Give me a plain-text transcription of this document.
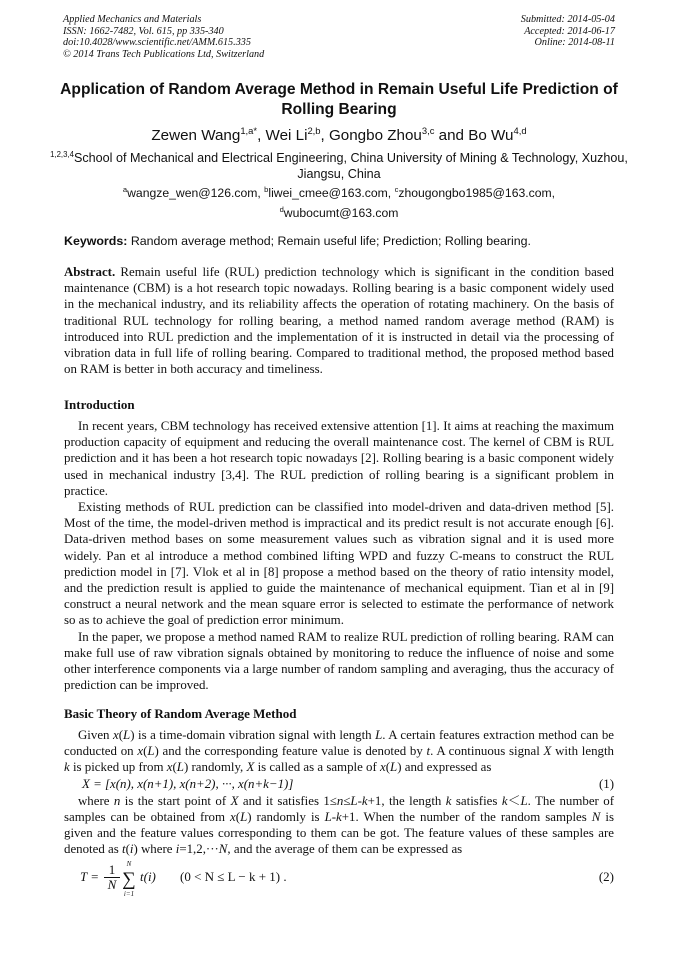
Applied Mechanics and Materials
ISSN: 1662-7482, Vol. 615, pp 335-340
doi:10.4028/www.scientific.net/AMM.615.335
© 2014 Trans Tech Publications Ltd, Switzerland
Submitted: 2014-05-04
Accepted: 2014-06-17
Online: 2014-08-11
Application of Random Average Method in Remain Useful Life Prediction of Rolling Bearing
Zewen Wang$^{1,a*}$, Wei Li$^{2,b}$, Gongbo Zhou$^{3,c}$ and Bo Wu$^{4,d}$
$^{1,2,3,4}$School of Mechanical and Electrical Engineering, China University of Mining & Technology, Xuzhou, Jiangsu, China
$^a$wangze_wen@126.com, $^b$liwei_cmee@163.com, $^c$zhougongbo1985@163.com,
$^d$wubocumt@163.com
Keywords: Random average method; Remain useful life; Prediction; Rolling bearing.

Abstract. Remain useful life (RUL) prediction technology which is significant in the condition based maintenance (CBM) is a hot research topic nowadays. Rolling bearing is a basic component widely used in the mechanical industry, and its reliability affects the operation of rotating machinery. On the basis of traditional RUL technology for rolling bearing, a method named random average method (RAM) is introduced into RUL prediction and the implementation of it is instructed in detail via the processing of vibration data in full life of rolling bearing. Compared to traditional method, the proposed method based on RAM is better in both accuracy and timeliness.

Introduction

In recent years, CBM technology has received extensive attention [1]. It aims at reaching the maximum production capacity of equipment and reducing the overall maintenance cost. The kernel of CBM is RUL prediction and it has been a hot research topic nowadays [2]. Rolling bearing is a basic component widely used in mechanical industry [3,4]. The RUL prediction of rolling bearing is a significant problem in practice.

Existing methods of RUL prediction can be classified into model-driven and data-driven method [5]. Most of the time, the model-driven method is impractical and its predict result is not accurate enough [6]. Data-driven method bases on some measurement values such as vibration signal and it is used more widely. Pan et al introduce a method combined lifting WPD and fuzzy C-means to construct the RUL prediction model in [7]. Vlok et al in [8] propose a method based on the theory of ratio intensity model, and the prediction result is applied to guide the maintenance of mechanical equipment. Tian et al in [9] construct a neural network and the mean square error is selected to estimate the performance of network so as to achieve the goal of prediction error minimum.

In the paper, we propose a method named RAM to realize RUL prediction of rolling bearing. RAM can make full use of raw vibration signals obtained by monitoring to reduce the influence of noise and some other interference components via a large number of random sampling and averaging, thus the accuracy of prediction can be improved.

Basic Theory of Random Average Method

Given x(L) is a time-domain vibration signal with length L. A certain features extraction method can be conducted on x(L) and the corresponding feature value is denoted by t. A continuous signal X with length k is picked up from x(L) randomly, X is called as a sample of x(L) and expressed as

X = [x(n), x(n+1), x(n+2), ···, x(n+k−1)]	(1)

where n is the start point of X and it satisfies 1≤n≤L-k+1, the length k satisfies k＜L. The number of samples can be obtained from x(L) randomly is L-k+1. When the number of the random samples N is given and the feature values corresponding to them can be got. The feature values of these samples are denoted as t(i) where i=1,2,···N, and the average of them can be expressed as

$T = \frac{1}{N}$ N
∑
i=1
t(i) (0 < N ≤ L − k + 1) .	(2)
